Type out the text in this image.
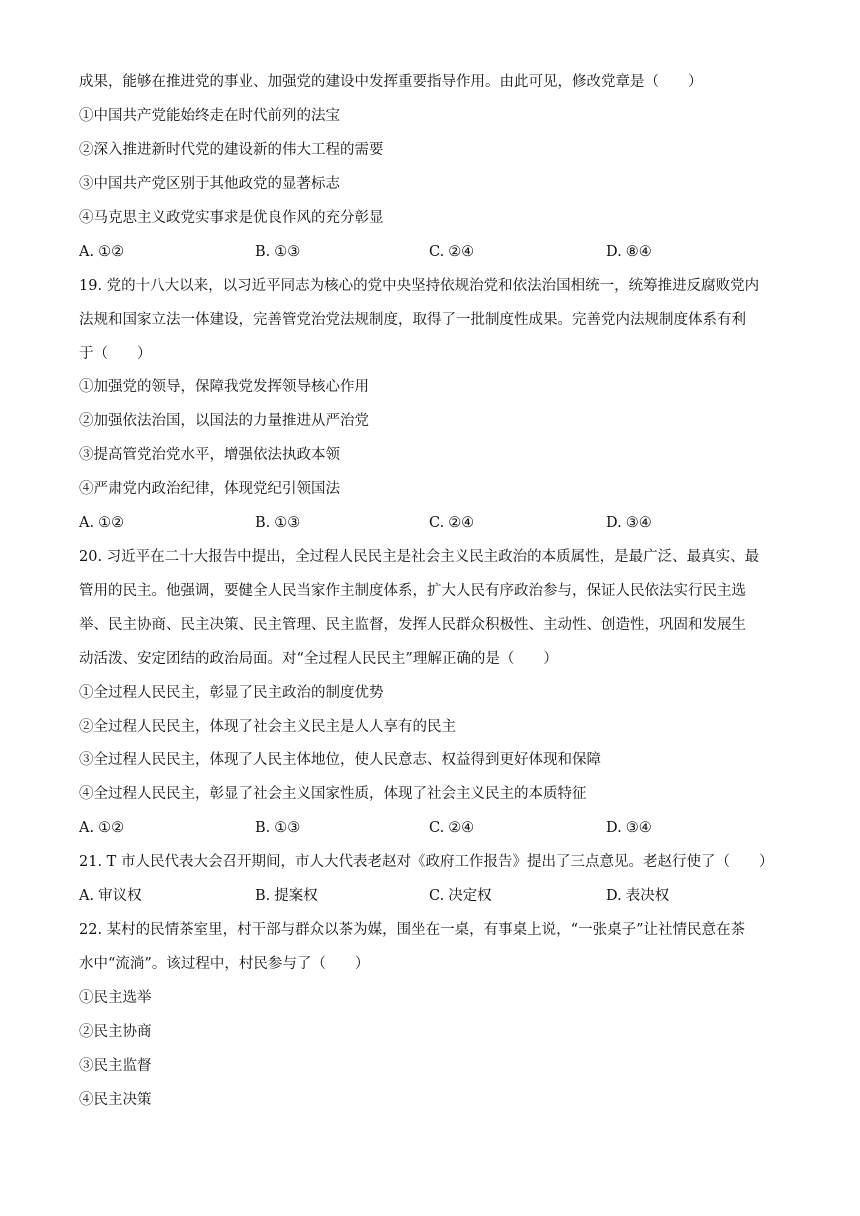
成果，能够在推进党的事业、加强党的建设中发挥重要指导作用。由此可见，修改党章是（　　）
①中国共产党能始终走在时代前列的法宝
②深入推进新时代党的建设新的伟大工程的需要
③中国共产党区别于其他政党的显著标志
④马克思主义政党实事求是优良作风的充分彰显
A. ①②	B. ①③	C. ②④	D. ⑧④
19. 党的十八大以来，以习近平同志为核心的党中央坚持依规治党和依法治国相统一，统筹推进反腐败党内
法规和国家立法一体建设，完善管党治党法规制度，取得了一批制度性成果。完善党内法规制度体系有利
于（　　）
①加强党的领导，保障我党发挥领导核心作用
②加强依法治国，以国法的力量推进从严治党
③提高管党治党水平，增强依法执政本领
④严肃党内政治纪律，体现党纪引领国法
A. ①②	B. ①③	C. ②④	D. ③④
20. 习近平在二十大报告中提出，全过程人民民主是社会主义民主政治的本质属性，是最广泛、最真实、最
管用的民主。他强调，要健全人民当家作主制度体系，扩大人民有序政治参与，保证人民依法实行民主选
举、民主协商、民主决策、民主管理、民主监督，发挥人民群众积极性、主动性、创造性，巩固和发展生
动活泼、安定团结的政治局面。对“全过程人民民主”理解正确的是（　　）
①全过程人民民主，彰显了民主政治的制度优势
②全过程人民民主，体现了社会主义民主是人人享有的民主
③全过程人民民主，体现了人民主体地位，使人民意志、权益得到更好体现和保障
④全过程人民民主，彰显了社会主义国家性质，体现了社会主义民主的本质特征
A. ①②	B. ①③	C. ②④	D. ③④
21. T 市人民代表大会召开期间，市人大代表老赵对《政府工作报告》提出了三点意见。老赵行使了（　　）
A. 审议权	B. 提案权	C. 决定权	D. 表决权
22. 某村的民情茶室里，村干部与群众以茶为媒，围坐在一桌，有事桌上说，“一张桌子”让社情民意在茶
水中“流淌”。该过程中，村民参与了（　　）
①民主选举
②民主协商
③民主监督
④民主决策
